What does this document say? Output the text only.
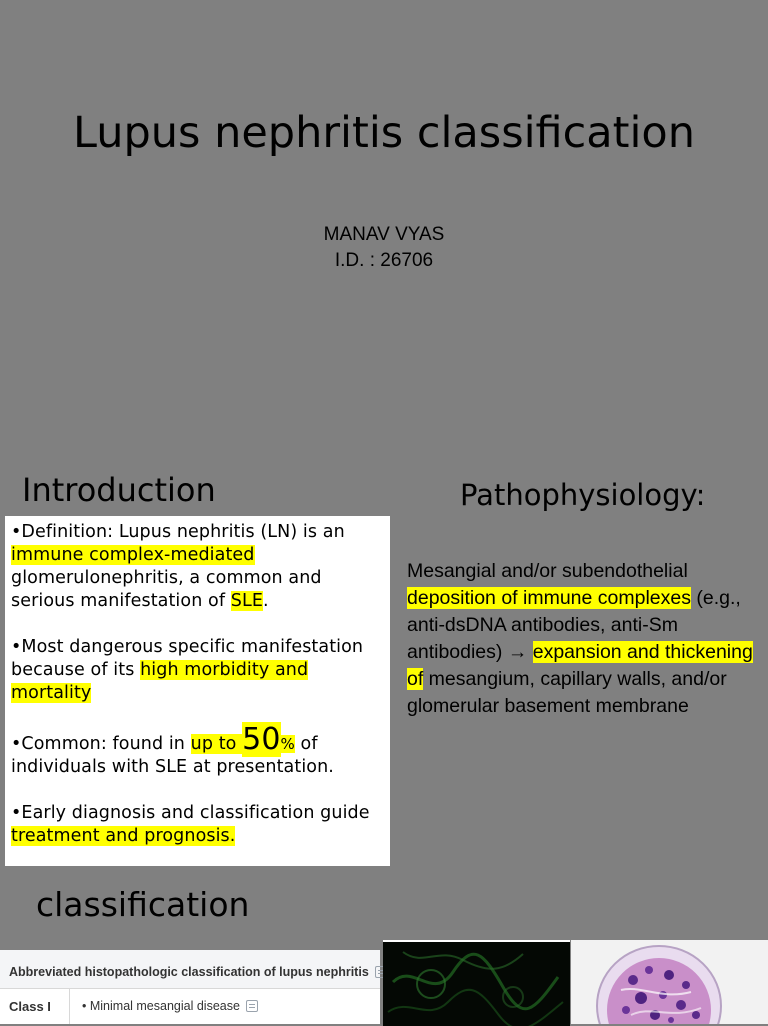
Lupus nephritis classification
MANAV VYAS
I.D. : 26706
Introduction

•Definition: Lupus nephritis (LN) is an immune complex-mediated glomerulonephritis, a common and serious manifestation of SLE.

•Most dangerous specific manifestation because of its high morbidity and mortality

•Common: found in up to 50% of individuals with SLE at presentation.

•Early diagnosis and classification guide treatment and prognosis.

Pathophysiology:
Mesangial and/or subendothelial deposition of immune complexes (e.g., anti-dsDNA antibodies, anti-Sm antibodies) → expansion and thickening of mesangium, capillary walls, and/or glomerular basement membrane
classification
Abbreviated histopathologic classification of lupus nephritis
Class I	• Minimal mesangial disease
